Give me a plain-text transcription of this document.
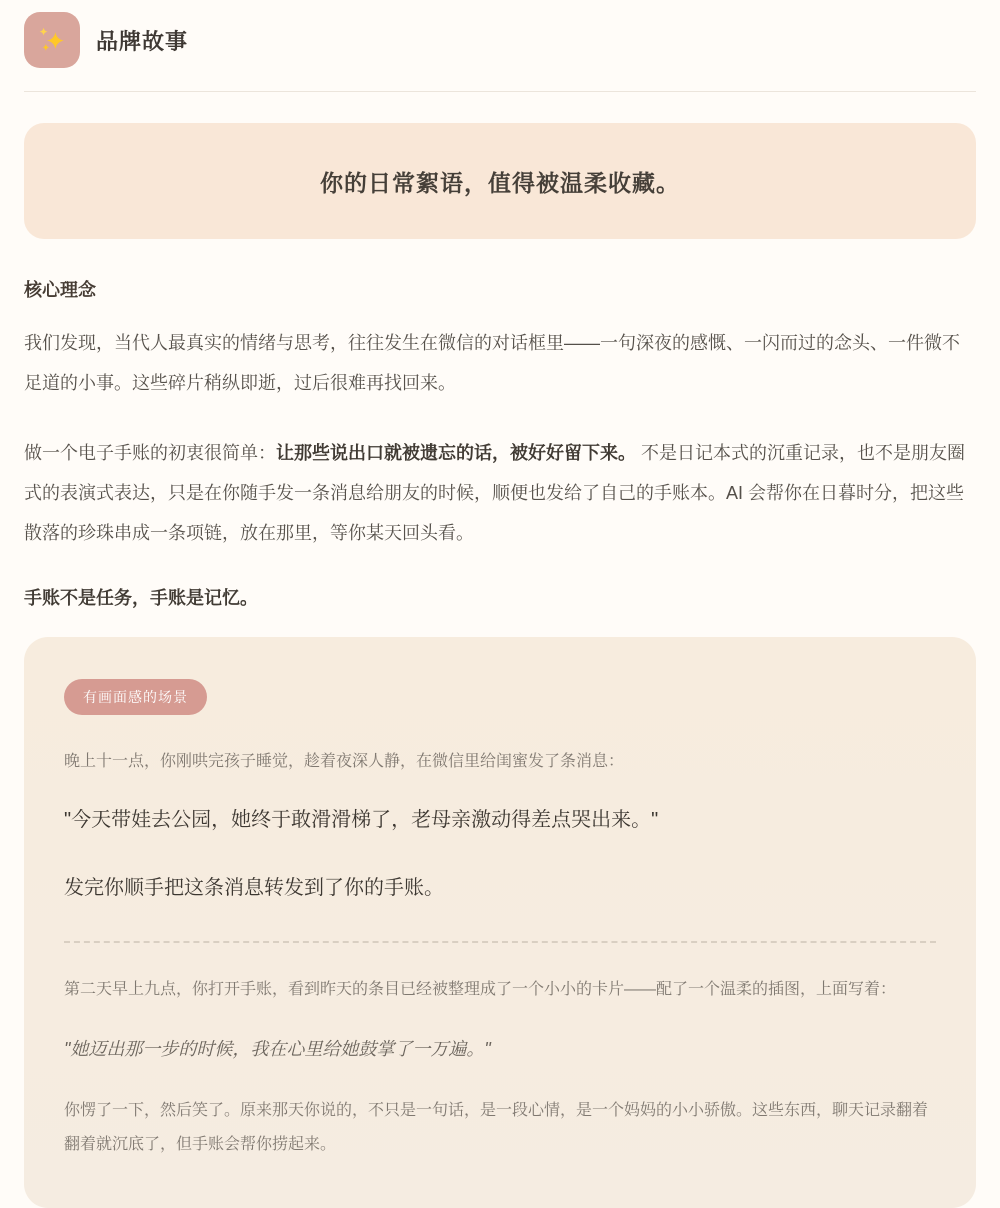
品牌故事
你的日常絮语，值得被温柔收藏。
核心理念

我们发现，当代人最真实的情绪与思考，往往发生在微信的对话框里——一句深夜的感慨、一闪而过的念头、一件微不足道的小事。这些碎片稍纵即逝，过后很难再找回来。

做一个电子手账的初衷很简单：让那些说出口就被遗忘的话，被好好留下来。 不是日记本式的沉重记录，也不是朋友圈式的表演式表达，只是在你随手发一条消息给朋友的时候，顺便也发给了自己的手账本。AI 会帮你在日暮时分，把这些散落的珍珠串成一条项链，放在那里，等你某天回头看。

手账不是任务，手账是记忆。

有画面感的场景

晚上十一点，你刚哄完孩子睡觉，趁着夜深人静，在微信里给闺蜜发了条消息：

"今天带娃去公园，她终于敢滑滑梯了，老母亲激动得差点哭出来。"

发完你顺手把这条消息转发到了你的手账。

第二天早上九点，你打开手账，看到昨天的条目已经被整理成了一个小小的卡片——配了一个温柔的插图，上面写着：

"她迈出那一步的时候，我在心里给她鼓掌了一万遍。"

你愣了一下，然后笑了。原来那天你说的，不只是一句话，是一段心情，是一个妈妈的小小骄傲。这些东西，聊天记录翻着翻着就沉底了，但手账会帮你捞起来。
